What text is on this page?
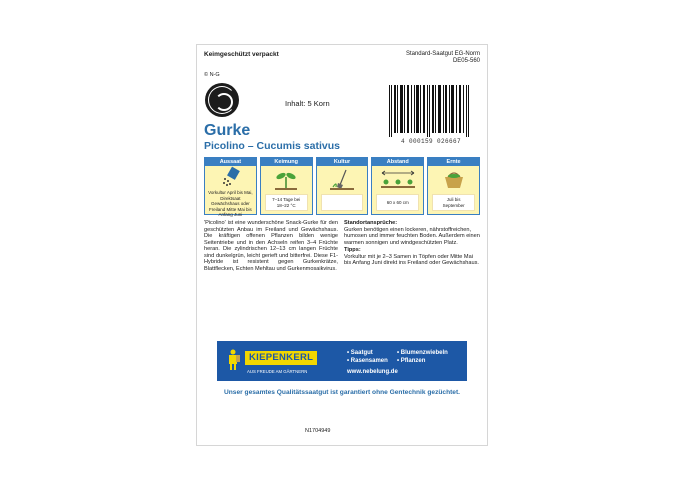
Keimgeschützt verpackt	Standard-Saatgut EG-Norm
DE05-560
© N-G
Inhalt: 5 Korn
4 000159 026667
Gurke
Picolino – Cucumis sativus
Aussaat
Vorkultur April bis Mai, Direktsaat Gewächshaus oder Freiland Mitte Mai bis Anfang Juni
Keimung
7–14 Tage bei 18–22 °C
Kultur	Abstand
60 x 60 cm
Ernte
Juli bis September
'Picolino' ist eine wunderschöne Snack-Gurke für den geschützten Anbau im Freiland und Gewächshaus. Die kräftigen offenen Pflanzen bilden wenige Seitentriebe und in den Achseln reifen 3–4 Früchte heran. Die zylindrischen 12–13 cm langen Früchte sind dunkelgrün, leicht gerieft und bitterfrei. Diese F1-Hybride ist resistent gegen Gurkenkrätze, Blattflecken, Echten Mehltau und Gurkenmosaikvirus.
Standortansprüche:
Gurken benötigen einen lockeren, nährstoffreichen, humosen und immer feuchten Boden. Außerdem einen warmen sonnigen und windgeschützten Platz.
Tipps:
Vorkultur mit je 2–3 Samen in Töpfen oder Mitte Mai bis Anfang Juni direkt ins Freiland oder Gewächshaus.
KIEPENKERL
AUS FREUDE AM GÄRTNERN
• Saatgut
• Rasensamen
• Blumenzwiebeln
• Pflanzen
www.nebelung.de
Unser gesamtes Qualitätssaatgut ist garantiert ohne Gentechnik gezüchtet.
N1704949
